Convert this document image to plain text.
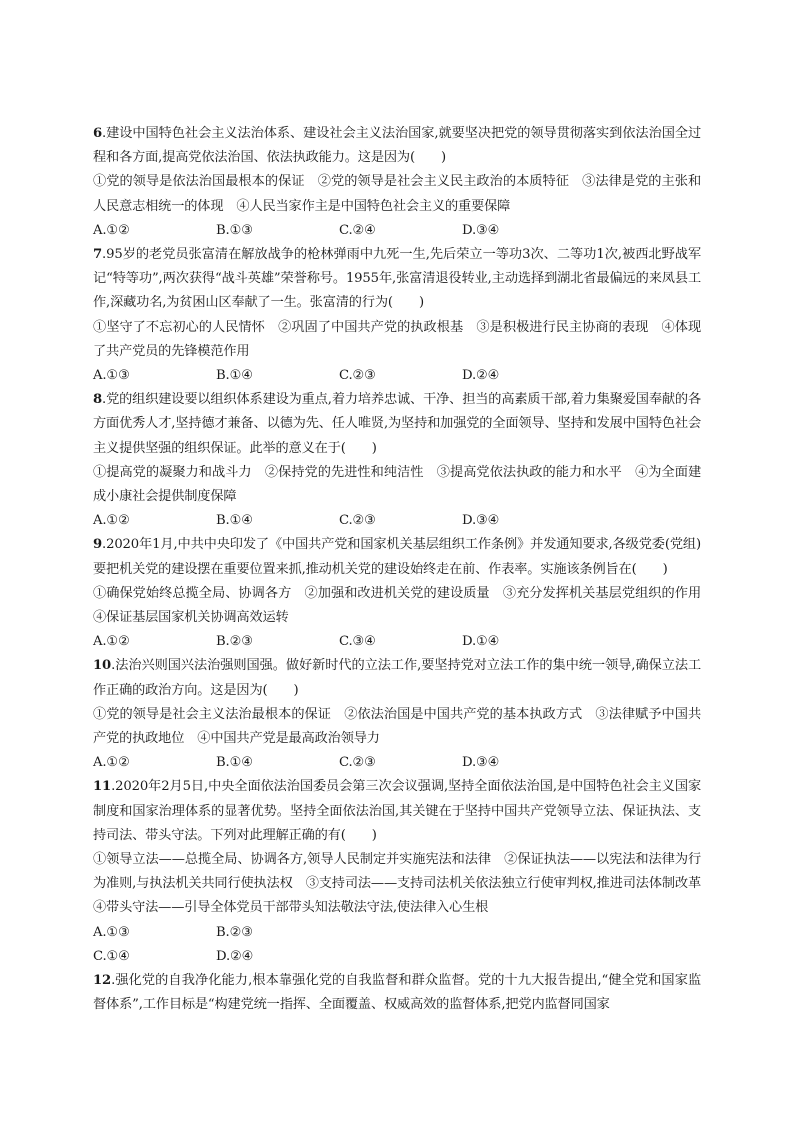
6.建设中国特色社会主义法治体系、建设社会主义法治国家,就要坚决把党的领导贯彻落实到依法治国全过程和各方面,提高党依法治国、依法执政能力。这是因为(　　)

①党的领导是依法治国最根本的保证　②党的领导是社会主义民主政治的本质特征　③法律是党的主张和人民意志相统一的体现　④人民当家作主是中国特色社会主义的重要保障

A.①②	B.①③	C.②④	D.③④

7.95岁的老党员张富清在解放战争的枪林弹雨中九死一生,先后荣立一等功3次、二等功1次,被西北野战军记“特等功”,两次获得“战斗英雄”荣誉称号。1955年,张富清退役转业,主动选择到湖北省最偏远的来凤县工作,深藏功名,为贫困山区奉献了一生。张富清的行为(　　)

①坚守了不忘初心的人民情怀　②巩固了中国共产党的执政根基　③是积极进行民主协商的表现　④体现了共产党员的先锋模范作用

A.①③	B.①④	C.②③	D.②④

8.党的组织建设要以组织体系建设为重点,着力培养忠诚、干净、担当的高素质干部,着力集聚爱国奉献的各方面优秀人才,坚持德才兼备、以德为先、任人唯贤,为坚持和加强党的全面领导、坚持和发展中国特色社会主义提供坚强的组织保证。此举的意义在于(　　)

①提高党的凝聚力和战斗力　②保持党的先进性和纯洁性　③提高党依法执政的能力和水平　④为全面建成小康社会提供制度保障

A.①②	B.①④	C.②③	D.③④

9.2020年1月,中共中央印发了《中国共产党和国家机关基层组织工作条例》并发通知要求,各级党委(党组)要把机关党的建设摆在重要位置来抓,推动机关党的建设始终走在前、作表率。实施该条例旨在(　　)

①确保党始终总揽全局、协调各方　②加强和改进机关党的建设质量　③充分发挥机关基层党组织的作用　④保证基层国家机关协调高效运转

A.①②	B.②③	C.③④	D.①④

10.法治兴则国兴法治强则国强。做好新时代的立法工作,要坚持党对立法工作的集中统一领导,确保立法工作正确的政治方向。这是因为(　　)

①党的领导是社会主义法治最根本的保证　②依法治国是中国共产党的基本执政方式　③法律赋予中国共产党的执政地位　④中国共产党是最高政治领导力

A.①②	B.①④	C.②③	D.③④

11.2020年2月5日,中央全面依法治国委员会第三次会议强调,坚持全面依法治国,是中国特色社会主义国家制度和国家治理体系的显著优势。坚持全面依法治国,其关键在于坚持中国共产党领导立法、保证执法、支持司法、带头守法。下列对此理解正确的有(　　)

①领导立法——总揽全局、协调各方,领导人民制定并实施宪法和法律　②保证执法——以宪法和法律为行为准则,与执法机关共同行使执法权　③支持司法——支持司法机关依法独立行使审判权,推进司法体制改革　④带头守法——引导全体党员干部带头知法敬法守法,使法律入心生根

A.①③	B.②③
C.①④	D.②④

12.强化党的自我净化能力,根本靠强化党的自我监督和群众监督。党的十九大报告提出,“健全党和国家监督体系”,工作目标是“构建党统一指挥、全面覆盖、权威高效的监督体系,把党内监督同国家
